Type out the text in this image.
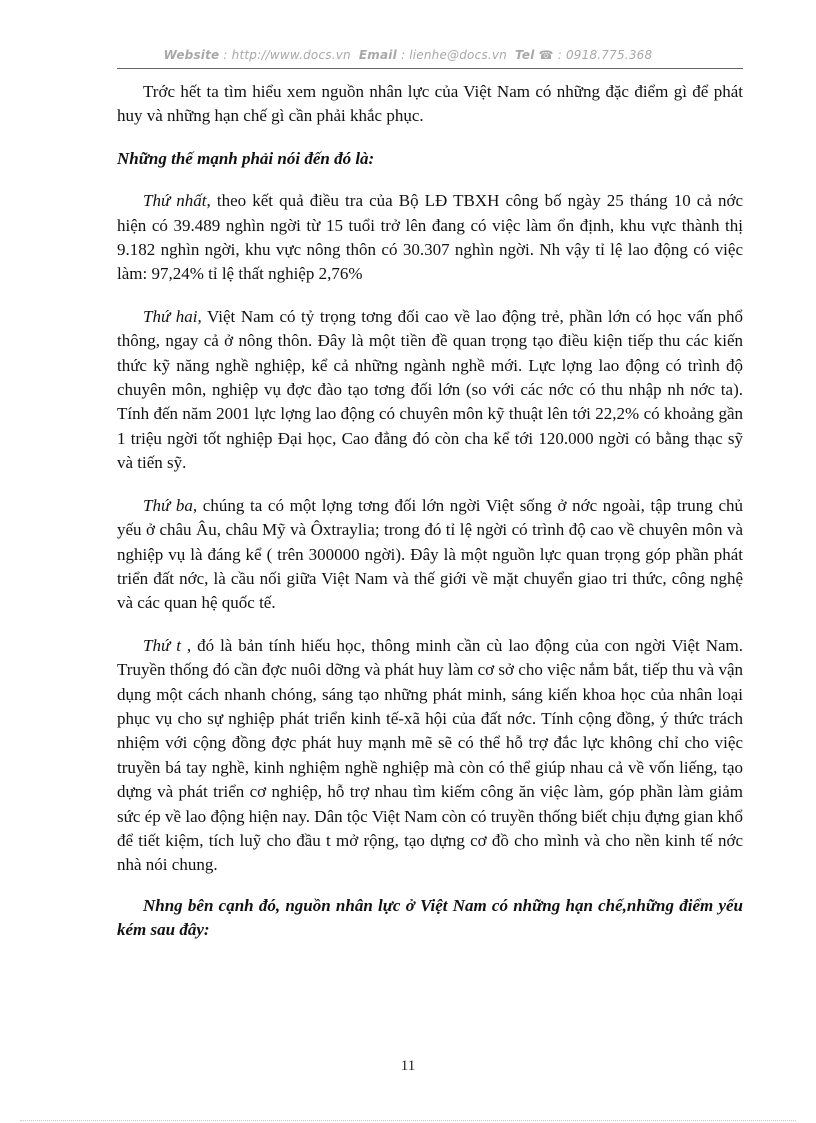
Website : http://www.docs.vn Email : lienhe@docs.vn Tel ☎ : 0918.775.368

Trớc hết ta tìm hiểu xem nguồn nhân lực của Việt Nam có những đặc điểm gì để phát huy và những hạn chế gì cần phải khắc phục.

Những thế mạnh phải nói đến đó là:

Thứ nhất, theo kết quả điều tra của Bộ LĐ TBXH công bố ngày 25 tháng 10 cả nớc hiện có 39.489 nghìn ngời từ 15 tuổi trở lên đang có việc làm ổn định, khu vực thành thị 9.182 nghìn ngời, khu vực nông thôn có 30.307 nghìn ngời. Nh vậy tỉ lệ lao động có việc làm: 97,24% tỉ lệ thất nghiệp 2,76%

Thứ hai, Việt Nam có tỷ trọng tơng đối cao về lao động trẻ, phần lớn có học vấn phổ thông, ngay cả ở nông thôn. Đây là một tiền đề quan trọng tạo điều kiện tiếp thu các kiến thức kỹ năng nghề nghiệp, kể cả những ngành nghề mới. Lực lợng lao động có trình độ chuyên môn, nghiệp vụ đợc đào tạo tơng đối lớn (so với các nớc có thu nhập nh nớc ta). Tính đến năm 2001 lực lợng lao động có chuyên môn kỹ thuật lên tới 22,2% có khoảng gần 1 triệu ngời tốt nghiệp Đại học, Cao đẳng đó còn cha kể tới 120.000 ngời có bằng thạc sỹ và tiến sỹ.

Thứ ba, chúng ta có một lợng tơng đối lớn ngời Việt sống ở nớc ngoài, tập trung chủ yếu ở châu Âu, châu Mỹ và Ôxtraylia; trong đó tỉ lệ ngời có trình độ cao về chuyên môn và nghiệp vụ là đáng kể ( trên 300000 ngời). Đây là một nguồn lực quan trọng góp phần phát triển đất nớc, là cầu nối giữa Việt Nam và thế giới về mặt chuyển giao tri thức, công nghệ và các quan hệ quốc tế.

Thứ t , đó là bản tính hiếu học, thông minh cần cù lao động của con ngời Việt Nam. Truyền thống đó cần đợc nuôi dỡng và phát huy làm cơ sở cho việc nắm bắt, tiếp thu và vận dụng một cách nhanh chóng, sáng tạo những phát minh, sáng kiến khoa học của nhân loại phục vụ cho sự nghiệp phát triển kinh tế-xã hội của đất nớc. Tính cộng đồng, ý thức trách nhiệm với cộng đồng đợc phát huy mạnh mẽ sẽ có thể hỗ trợ đắc lực không chỉ cho việc truyền bá tay nghề, kinh nghiệm nghề nghiệp mà còn có thể giúp nhau cả về vốn liếng, tạo dựng và phát triển cơ nghiệp, hỗ trợ nhau tìm kiếm công ăn việc làm, góp phần làm giảm sức ép về lao động hiện nay. Dân tộc Việt Nam còn có truyền thống biết chịu đựng gian khổ để tiết kiệm, tích luỹ cho đầu t mở rộng, tạo dựng cơ đồ cho mình và cho nền kinh tế nớc nhà nói chung.

Nhng bên cạnh đó, nguồn nhân lực ở Việt Nam có những hạn chế,những điểm yếu kém sau đây:

11
